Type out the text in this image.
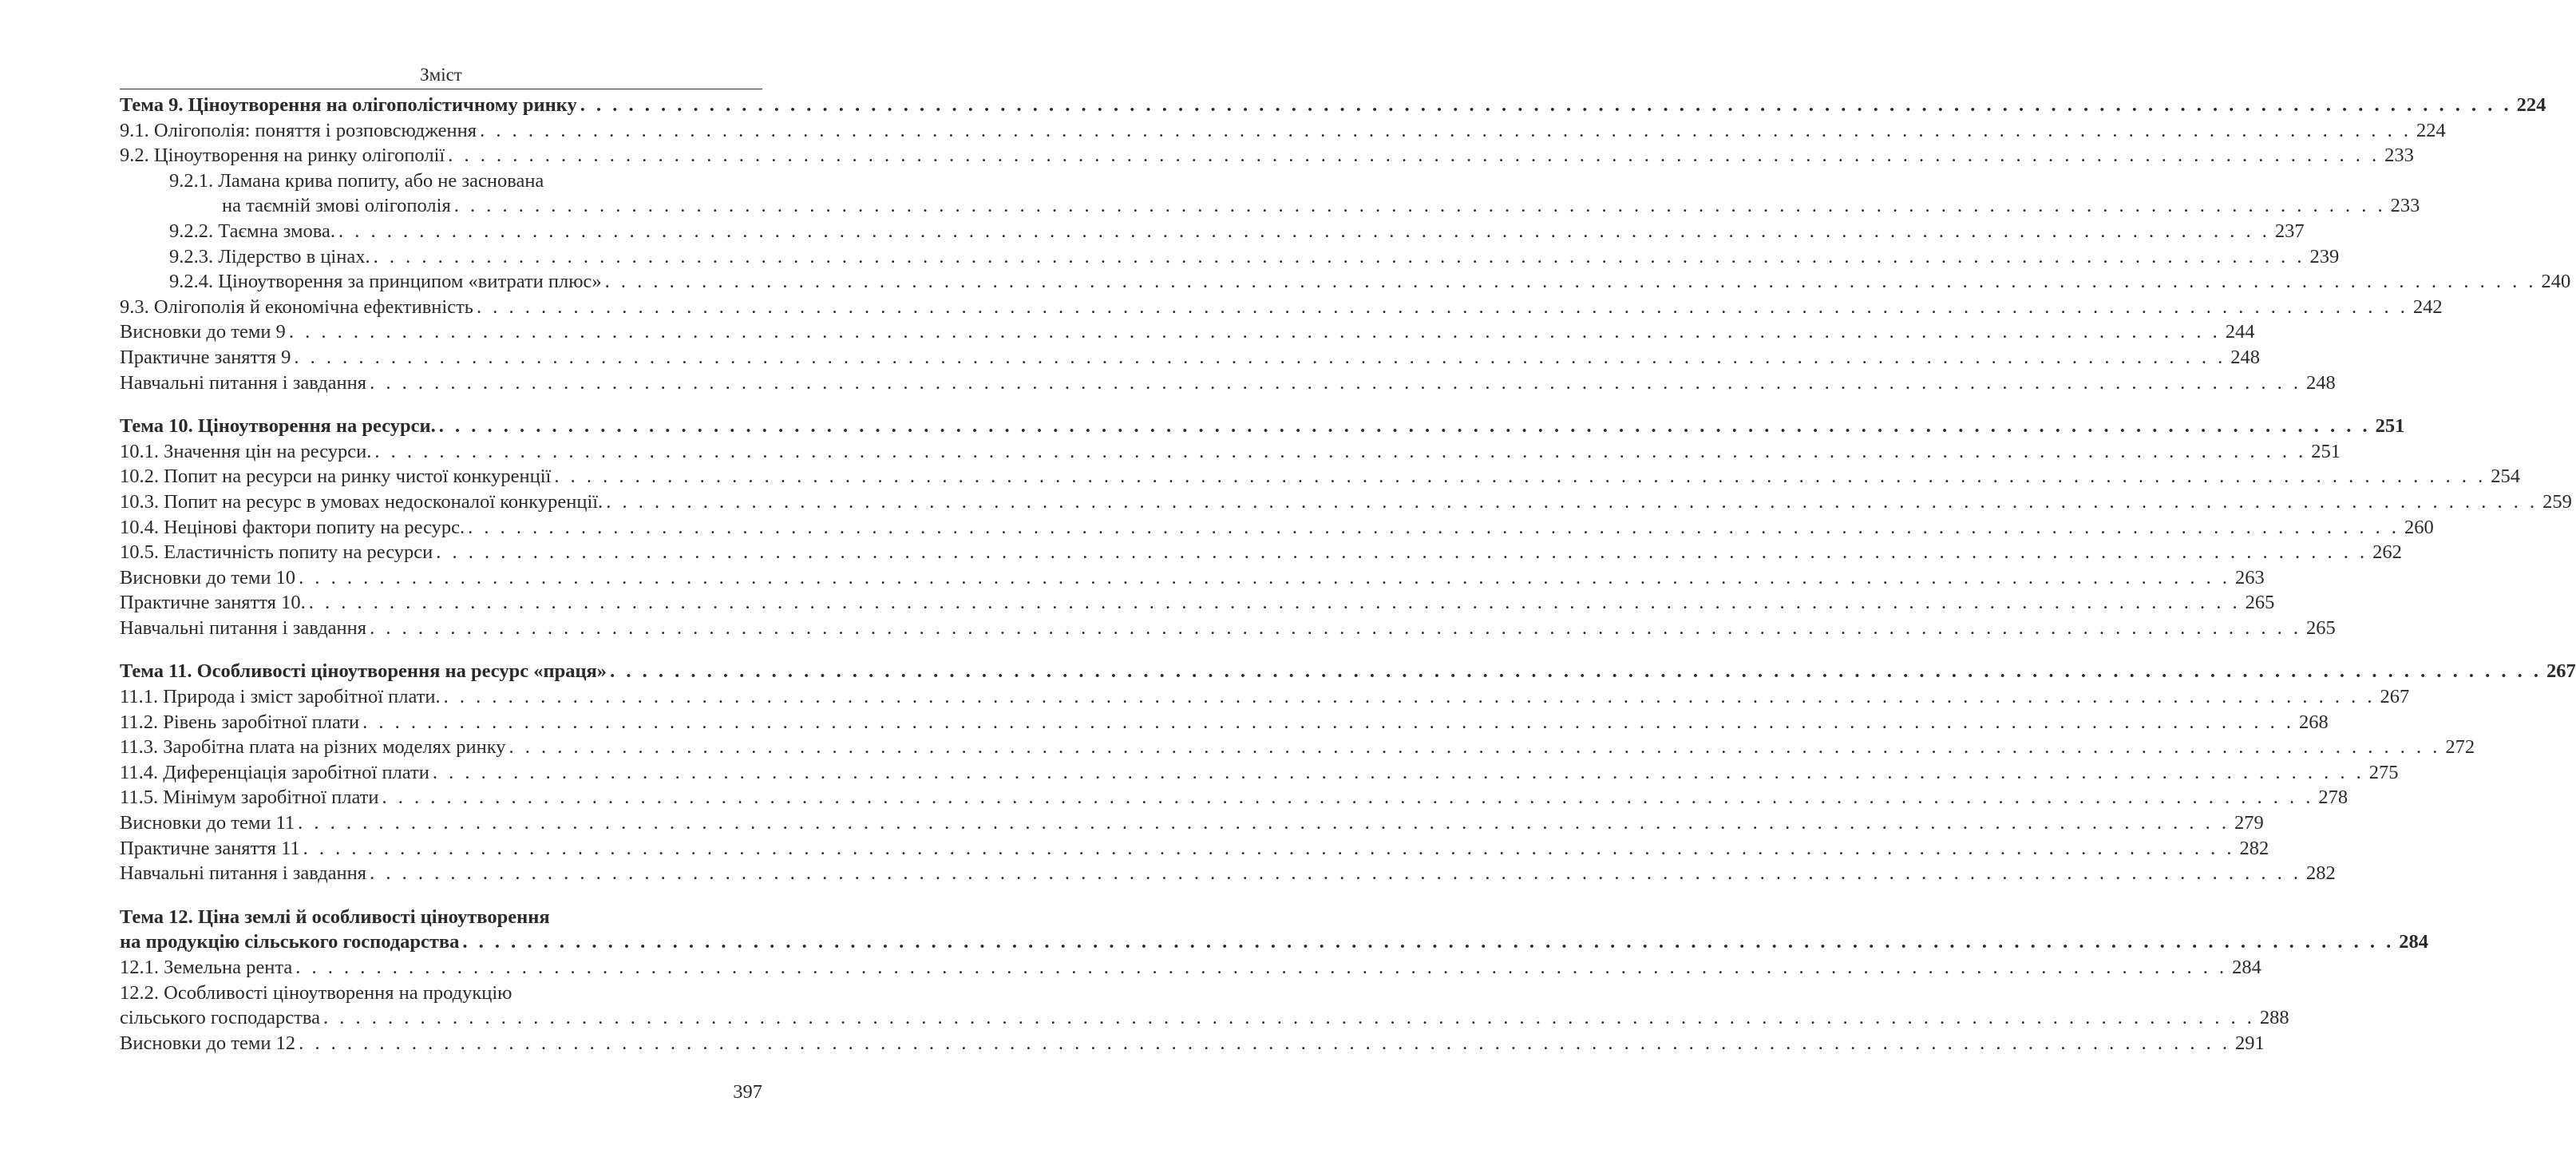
Зміст
Тема 9. Ціноутворення на олігополістичному ринку . . . . . . . . . . . . . . . . . . . . . . . . . . . . . . . . . . . . . . . . . . . . . . . . . . . . . . . . . . . . . . . . . . . . . . . . . . . . . . . . . . . . . . . . . . . . . . . . . . . . . . . . . . . . . . . . . . . . . . . . 224
9.1. Олігополія: поняття і розповсюдження . . . . . . . . . . . . . . . . . . . . . . . . . . . . . . . . . . . . . . . . . . . . . . . . . . . . . . . . . . . . . . . . . . . . . . . . . . . . . . . . . . . . . . . . . . . . . . . . . . . . . . . . . . . . . . . . . . . . . . . . 224
9.2. Ціноутворення на ринку олігополії . . . . . . . . . . . . . . . . . . . . . . . . . . . . . . . . . . . . . . . . . . . . . . . . . . . . . . . . . . . . . . . . . . . . . . . . . . . . . . . . . . . . . . . . . . . . . . . . . . . . . . . . . . . . . . . . . . . . . . . . 233
9.2.1. Ламана крива попиту, або не заснована
на таємній змові олігополія . . . . . . . . . . . . . . . . . . . . . . . . . . . . . . . . . . . . . . . . . . . . . . . . . . . . . . . . . . . . . . . . . . . . . . . . . . . . . . . . . . . . . . . . . . . . . . . . . . . . . . . . . . . . . . . . . . . . . . . . 233
9.2.2. Таємна змова. . . . . . . . . . . . . . . . . . . . . . . . . . . . . . . . . . . . . . . . . . . . . . . . . . . . . . . . . . . . . . . . . . . . . . . . . . . . . . . . . . . . . . . . . . . . . . . . . . . . . . . . . . . . . . . . . . . . . . . . . 237
9.2.3. Лідерство в цінах. . . . . . . . . . . . . . . . . . . . . . . . . . . . . . . . . . . . . . . . . . . . . . . . . . . . . . . . . . . . . . . . . . . . . . . . . . . . . . . . . . . . . . . . . . . . . . . . . . . . . . . . . . . . . . . . . . . . . . . . . 239
9.2.4. Ціноутворення за принципом «витрати плюс» . . . . . . . . . . . . . . . . . . . . . . . . . . . . . . . . . . . . . . . . . . . . . . . . . . . . . . . . . . . . . . . . . . . . . . . . . . . . . . . . . . . . . . . . . . . . . . . . . . . . . . . . . . . . . . . . . . . . . . . . 240
9.3. Олігополія й економічна ефективність . . . . . . . . . . . . . . . . . . . . . . . . . . . . . . . . . . . . . . . . . . . . . . . . . . . . . . . . . . . . . . . . . . . . . . . . . . . . . . . . . . . . . . . . . . . . . . . . . . . . . . . . . . . . . . . . . . . . . . . . 242
Висновки до теми 9 . . . . . . . . . . . . . . . . . . . . . . . . . . . . . . . . . . . . . . . . . . . . . . . . . . . . . . . . . . . . . . . . . . . . . . . . . . . . . . . . . . . . . . . . . . . . . . . . . . . . . . . . . . . . . . . . . . . . . . . . 244
Практичне заняття 9 . . . . . . . . . . . . . . . . . . . . . . . . . . . . . . . . . . . . . . . . . . . . . . . . . . . . . . . . . . . . . . . . . . . . . . . . . . . . . . . . . . . . . . . . . . . . . . . . . . . . . . . . . . . . . . . . . . . . . . . . 248
Навчальні питання і завдання . . . . . . . . . . . . . . . . . . . . . . . . . . . . . . . . . . . . . . . . . . . . . . . . . . . . . . . . . . . . . . . . . . . . . . . . . . . . . . . . . . . . . . . . . . . . . . . . . . . . . . . . . . . . . . . . . . . . . . . . 248
Тема 10. Ціноутворення на ресурси. . . . . . . . . . . . . . . . . . . . . . . . . . . . . . . . . . . . . . . . . . . . . . . . . . . . . . . . . . . . . . . . . . . . . . . . . . . . . . . . . . . . . . . . . . . . . . . . . . . . . . . . . . . . . . . . . . . . . . . . . 251
10.1. Значення цін на ресурси. . . . . . . . . . . . . . . . . . . . . . . . . . . . . . . . . . . . . . . . . . . . . . . . . . . . . . . . . . . . . . . . . . . . . . . . . . . . . . . . . . . . . . . . . . . . . . . . . . . . . . . . . . . . . . . . . . . . . . . . . 251
10.2. Попит на ресурси на ринку чистої конкуренції . . . . . . . . . . . . . . . . . . . . . . . . . . . . . . . . . . . . . . . . . . . . . . . . . . . . . . . . . . . . . . . . . . . . . . . . . . . . . . . . . . . . . . . . . . . . . . . . . . . . . . . . . . . . . . . . . . . . . . . . 254
10.3. Попит на ресурс в умовах недосконалої конкуренції. . . . . . . . . . . . . . . . . . . . . . . . . . . . . . . . . . . . . . . . . . . . . . . . . . . . . . . . . . . . . . . . . . . . . . . . . . . . . . . . . . . . . . . . . . . . . . . . . . . . . . . . . . . . . . . . . . . . . . . . . 259
10.4. Нецінові фактори попиту на ресурс. . . . . . . . . . . . . . . . . . . . . . . . . . . . . . . . . . . . . . . . . . . . . . . . . . . . . . . . . . . . . . . . . . . . . . . . . . . . . . . . . . . . . . . . . . . . . . . . . . . . . . . . . . . . . . . . . . . . . . . . . 260
10.5. Еластичність попиту на ресурси . . . . . . . . . . . . . . . . . . . . . . . . . . . . . . . . . . . . . . . . . . . . . . . . . . . . . . . . . . . . . . . . . . . . . . . . . . . . . . . . . . . . . . . . . . . . . . . . . . . . . . . . . . . . . . . . . . . . . . . . 262
Висновки до теми 10 . . . . . . . . . . . . . . . . . . . . . . . . . . . . . . . . . . . . . . . . . . . . . . . . . . . . . . . . . . . . . . . . . . . . . . . . . . . . . . . . . . . . . . . . . . . . . . . . . . . . . . . . . . . . . . . . . . . . . . . . 263
Практичне заняття 10. . . . . . . . . . . . . . . . . . . . . . . . . . . . . . . . . . . . . . . . . . . . . . . . . . . . . . . . . . . . . . . . . . . . . . . . . . . . . . . . . . . . . . . . . . . . . . . . . . . . . . . . . . . . . . . . . . . . . . . . . 265
Навчальні питання і завдання . . . . . . . . . . . . . . . . . . . . . . . . . . . . . . . . . . . . . . . . . . . . . . . . . . . . . . . . . . . . . . . . . . . . . . . . . . . . . . . . . . . . . . . . . . . . . . . . . . . . . . . . . . . . . . . . . . . . . . . . 265
Тема 11. Особливості ціноутворення на ресурс «праця» . . . . . . . . . . . . . . . . . . . . . . . . . . . . . . . . . . . . . . . . . . . . . . . . . . . . . . . . . . . . . . . . . . . . . . . . . . . . . . . . . . . . . . . . . . . . . . . . . . . . . . . . . . . . . . . . . . . . . . . . 267
11.1. Природа і зміст заробітної плати. . . . . . . . . . . . . . . . . . . . . . . . . . . . . . . . . . . . . . . . . . . . . . . . . . . . . . . . . . . . . . . . . . . . . . . . . . . . . . . . . . . . . . . . . . . . . . . . . . . . . . . . . . . . . . . . . . . . . . . . . 267
11.2. Рівень заробітної плати . . . . . . . . . . . . . . . . . . . . . . . . . . . . . . . . . . . . . . . . . . . . . . . . . . . . . . . . . . . . . . . . . . . . . . . . . . . . . . . . . . . . . . . . . . . . . . . . . . . . . . . . . . . . . . . . . . . . . . . . 268
11.3. Заробітна плата на різних моделях ринку . . . . . . . . . . . . . . . . . . . . . . . . . . . . . . . . . . . . . . . . . . . . . . . . . . . . . . . . . . . . . . . . . . . . . . . . . . . . . . . . . . . . . . . . . . . . . . . . . . . . . . . . . . . . . . . . . . . . . . . . 272
11.4. Диференціація заробітної плати . . . . . . . . . . . . . . . . . . . . . . . . . . . . . . . . . . . . . . . . . . . . . . . . . . . . . . . . . . . . . . . . . . . . . . . . . . . . . . . . . . . . . . . . . . . . . . . . . . . . . . . . . . . . . . . . . . . . . . . . 275
11.5. Мінімум заробітної плати . . . . . . . . . . . . . . . . . . . . . . . . . . . . . . . . . . . . . . . . . . . . . . . . . . . . . . . . . . . . . . . . . . . . . . . . . . . . . . . . . . . . . . . . . . . . . . . . . . . . . . . . . . . . . . . . . . . . . . . . 278
Висновки до теми 11 . . . . . . . . . . . . . . . . . . . . . . . . . . . . . . . . . . . . . . . . . . . . . . . . . . . . . . . . . . . . . . . . . . . . . . . . . . . . . . . . . . . . . . . . . . . . . . . . . . . . . . . . . . . . . . . . . . . . . . . . 279
Практичне заняття 11 . . . . . . . . . . . . . . . . . . . . . . . . . . . . . . . . . . . . . . . . . . . . . . . . . . . . . . . . . . . . . . . . . . . . . . . . . . . . . . . . . . . . . . . . . . . . . . . . . . . . . . . . . . . . . . . . . . . . . . . . 282
Навчальні питання і завдання . . . . . . . . . . . . . . . . . . . . . . . . . . . . . . . . . . . . . . . . . . . . . . . . . . . . . . . . . . . . . . . . . . . . . . . . . . . . . . . . . . . . . . . . . . . . . . . . . . . . . . . . . . . . . . . . . . . . . . . . 282
Тема 12. Ціна землі й особливості ціноутворення
на продукцію сільського господарства . . . . . . . . . . . . . . . . . . . . . . . . . . . . . . . . . . . . . . . . . . . . . . . . . . . . . . . . . . . . . . . . . . . . . . . . . . . . . . . . . . . . . . . . . . . . . . . . . . . . . . . . . . . . . . . . . . . . . . . . 284
12.1. Земельна рента . . . . . . . . . . . . . . . . . . . . . . . . . . . . . . . . . . . . . . . . . . . . . . . . . . . . . . . . . . . . . . . . . . . . . . . . . . . . . . . . . . . . . . . . . . . . . . . . . . . . . . . . . . . . . . . . . . . . . . . . 284
12.2. Особливості ціноутворення на продукцію
сільського господарства . . . . . . . . . . . . . . . . . . . . . . . . . . . . . . . . . . . . . . . . . . . . . . . . . . . . . . . . . . . . . . . . . . . . . . . . . . . . . . . . . . . . . . . . . . . . . . . . . . . . . . . . . . . . . . . . . . . . . . . . 288
Висновки до теми 12 . . . . . . . . . . . . . . . . . . . . . . . . . . . . . . . . . . . . . . . . . . . . . . . . . . . . . . . . . . . . . . . . . . . . . . . . . . . . . . . . . . . . . . . . . . . . . . . . . . . . . . . . . . . . . . . . . . . . . . . . 291
397
